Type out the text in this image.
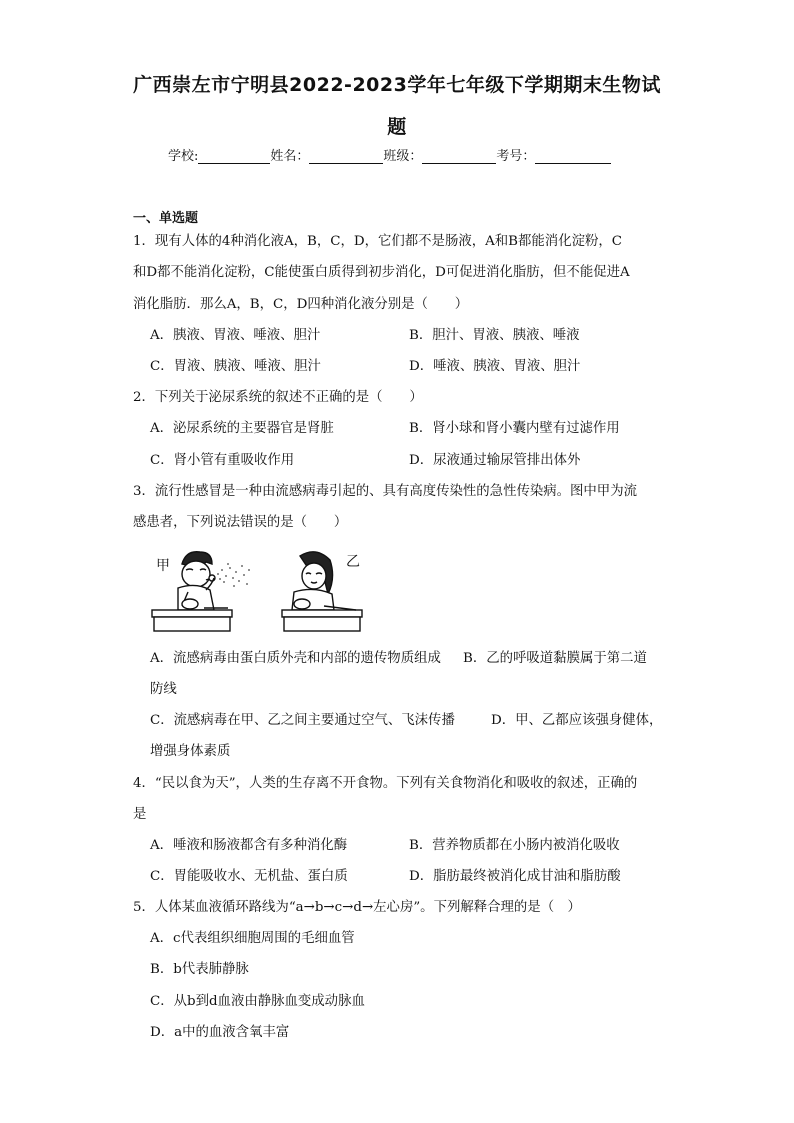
广西崇左市宁明县2022-2023学年七年级下学期期末生物试
题
学校:	姓名：	班级：	考号：
一、单选题
1．现有人体的4种消化液A，B，C，D，它们都不是肠液，A和B都能消化淀粉，C
和D都不能消化淀粉，C能使蛋白质得到初步消化，D可促进消化脂肪，但不能促进A
消化脂肪．那么A，B，C，D四种消化液分别是（　　）
A．胰液、胃液、唾液、胆汁	B．胆汁、胃液、胰液、唾液
C．胃液、胰液、唾液、胆汁	D．唾液、胰液、胃液、胆汁
2．下列关于泌尿系统的叙述不正确的是（　　）
A．泌尿系统的主要器官是肾脏	B．肾小球和肾小囊内壁有过滤作用
C．肾小管有重吸收作用	D．尿液通过输尿管排出体外
3．流行性感冒是一种由流感病毒引起的、具有高度传染性的急性传染病。图中甲为流
感患者，下列说法错误的是（　　）
甲	乙
A．流感病毒由蛋白质外壳和内部的遗传物质组成 B．乙的呼吸道黏膜属于第二道
防线
C．流感病毒在甲、乙之间主要通过空气、飞沫传播	D．甲、乙都应该强身健体，
增强身体素质
4．“民以食为天”，人类的生存离不开食物。下列有关食物消化和吸收的叙述，正确的
是
A．唾液和肠液都含有多种消化酶	B．营养物质都在小肠内被消化吸收
C．胃能吸收水、无机盐、蛋白质	D．脂肪最终被消化成甘油和脂肪酸
5．人体某血液循环路线为“a→b→c→d→左心房”。下列解释合理的是（　）
A．c代表组织细胞周围的毛细血管
B．b代表肺静脉
C．从b到d血液由静脉血变成动脉血
D．a中的血液含氧丰富
